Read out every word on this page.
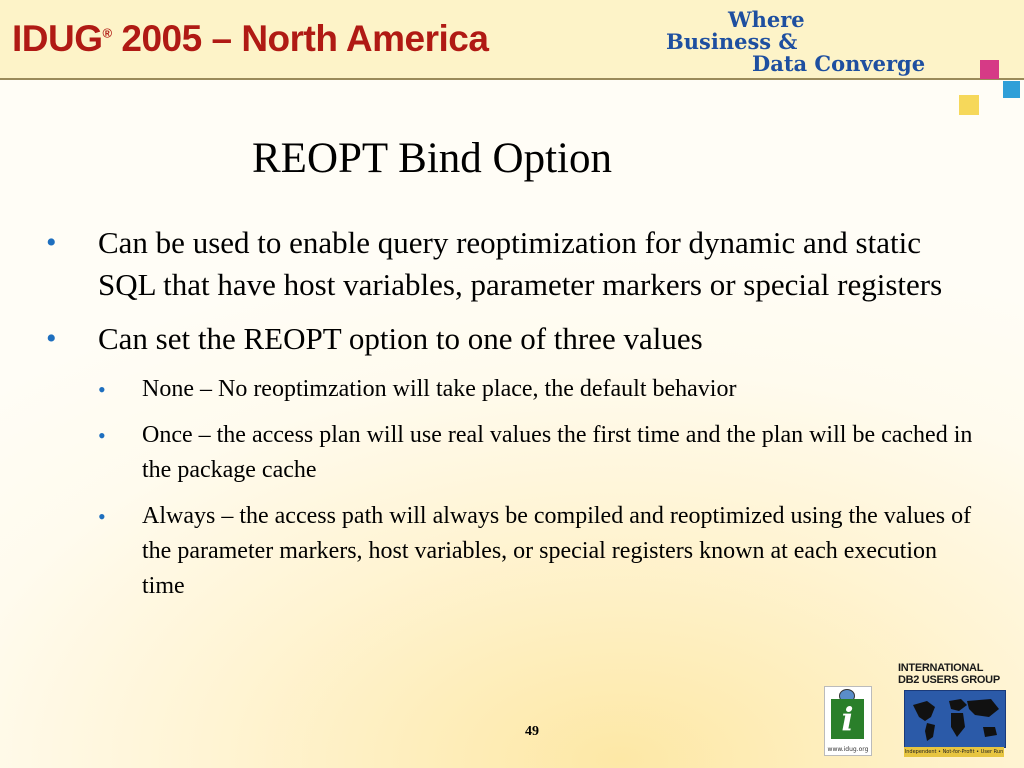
IDUG® 2005 – North America	Where
Business &
Data Converge
REOPT Bind Option
• Can be used to enable query reoptimization for dynamic and static SQL that have host variables, parameter markers or special registers
• Can set the REOPT option to one of three values
• None – No reoptimzation will take place, the default behavior
• Once – the access plan will use real values the first time and the plan will be cached in the package cache
• Always – the access path will always be compiled and reoptimized using the values of the parameter markers, host variables, or special registers known at each execution time
49	i
www.idug.org
INTERNATIONAL
DB2 USERS GROUP
Independent • Not-for-Profit • User Run
